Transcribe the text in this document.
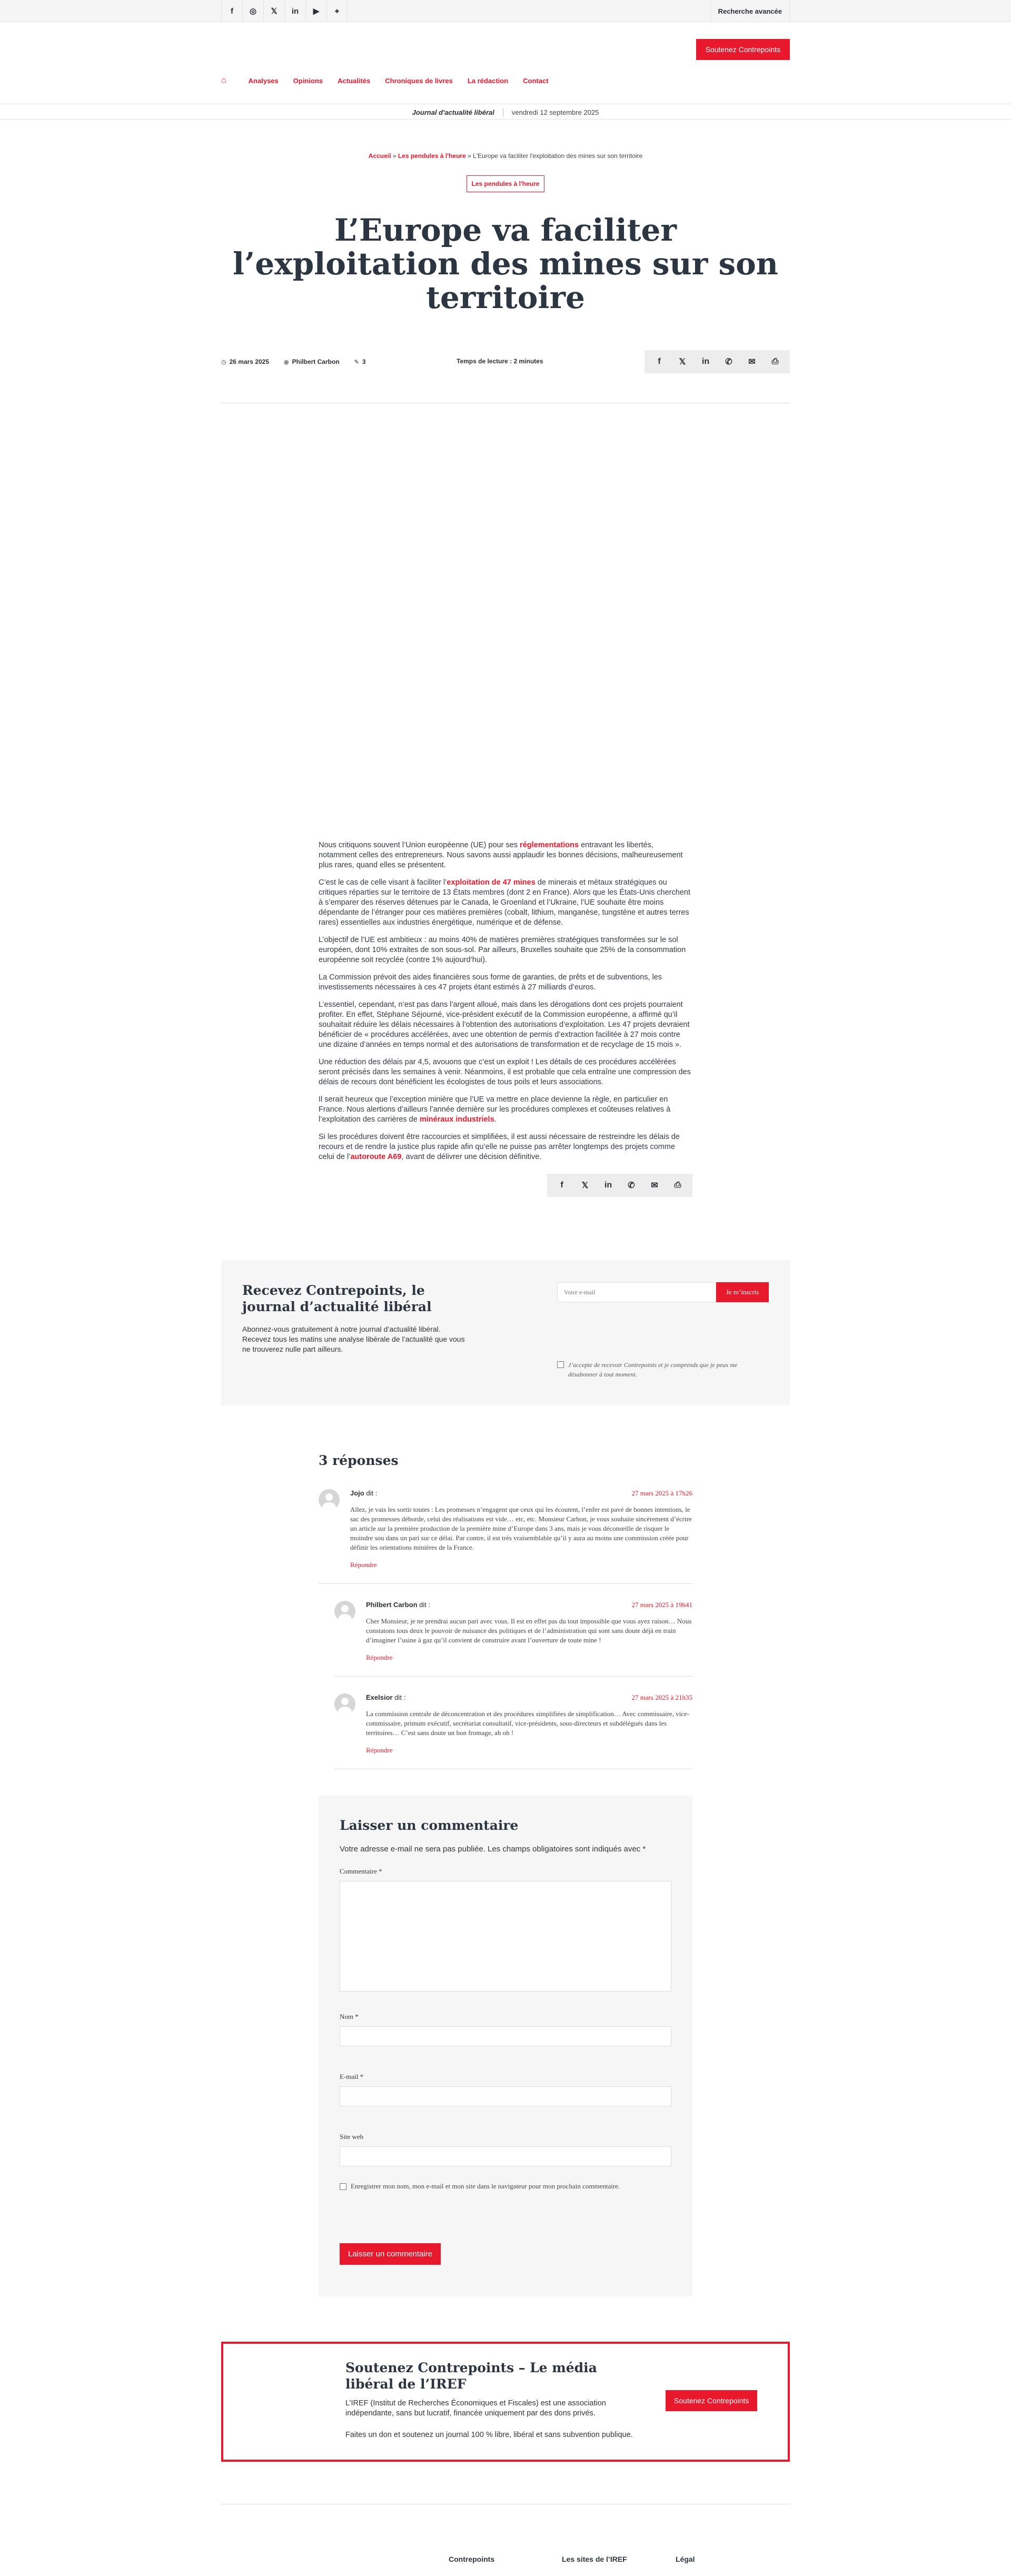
f	◎	𝕏	in	▶	⌖	Recherche avancée
Soutenez Contrepoints
⌂	Analyses Opinions Actualités Chroniques de livres La rédaction Contact
Journal d'actualité libéral	vendredi 12 septembre 2025
Accueil » Les pendules à l'heure » L'Europe va faciliter l'exploitation des mines sur son territoire
Les pendules à l'heure
L’Europe va faciliter l’exploitation des mines sur son territoire
◷ 26 mars 2025	◉ Philbert Carbon	✎ 3	Temps de lecture : 2 minutes	f	𝕏	in	✆	✉	⎙

Nous critiquons souvent l’Union européenne (UE) pour ses réglementations entravant les libertés, notamment celles des entrepreneurs. Nous savons aussi applaudir les bonnes décisions, malheureusement plus rares, quand elles se présentent.

C’est le cas de celle visant à faciliter l’exploitation de 47 mines de minerais et métaux stratégiques ou critiques réparties sur le territoire de 13 États membres (dont 2 en France). Alors que les États-Unis cherchent à s’emparer des réserves détenues par le Canada, le Groenland et l’Ukraine, l’UE souhaite être moins dépendante de l’étranger pour ces matières premières (cobalt, lithium, manganèse, tungstène et autres terres rares) essentielles aux industries énergétique, numérique et de défense.

L’objectif de l’UE est ambitieux : au moins 40% de matières premières stratégiques transformées sur le sol européen, dont 10% extraites de son sous-sol. Par ailleurs, Bruxelles souhaite que 25% de la consommation européenne soit recyclée (contre 1% aujourd’hui).

La Commission prévoit des aides financières sous forme de garanties, de prêts et de subventions, les investissements nécessaires à ces 47 projets étant estimés à 27 milliards d’euros.

L’essentiel, cependant, n’est pas dans l’argent alloué, mais dans les dérogations dont ces projets pourraient profiter. En effet, Stéphane Séjourné, vice-président exécutif de la Commission européenne, a affirmé qu’il souhaitait réduire les délais nécessaires à l’obtention des autorisations d’exploitation. Les 47 projets devraient bénéficier de « procédures accélérées, avec une obtention de permis d’extraction facilitée à 27 mois contre une dizaine d’années en temps normal et des autorisations de transformation et de recyclage de 15 mois ».

Une réduction des délais par 4,5, avouons que c’est un exploit ! Les détails de ces procédures accélérées seront précisés dans les semaines à venir. Néanmoins, il est probable que cela entraîne une compression des délais de recours dont bénéficient les écologistes de tous poils et leurs associations.

Il serait heureux que l’exception minière que l’UE va mettre en place devienne la règle, en particulier en France. Nous alertions d’ailleurs l’année dernière sur les procédures complexes et coûteuses relatives à l’exploitation des carrières de minéraux industriels.

Si les procédures doivent être raccourcies et simplifiées, il est aussi nécessaire de restreindre les délais de recours et de rendre la justice plus rapide afin qu’elle ne puisse pas arrêter longtemps des projets comme celui de l’autoroute A69, avant de délivrer une décision définitive.

f	𝕏	in	✆	✉	⎙
Recevez Contrepoints, le journal d’actualité libéral
Abonnez-vous gratuitement à notre journal d’actualité libéral. Recevez tous les matins une analyse libérale de l’actualité que vous ne trouverez nulle part ailleurs.
Votre e-mail
Je m’inscris
J’accepte de recevoir Contrepoints et je comprends que je peux me désabonner à tout moment.
3 réponses
Jojo dit :	27 mars 2025 à 17h26
Allez, je vais les sortir toutes : Les promesses n’engagent que ceux qui les écoutent, l’enfer est pavé de bonnes intentions, le sac des promesses déborde, celui des réalisations est vide… etc, etc. Monsieur Carbon, je vous souhaite sincèrement d’écrire un article sur la première production de la première mine d’Europe dans 3 ans, mais je vous déconseille de risquer le moindre sou dans un pari sur ce délai. Par contre, il est très vraisemblable qu’il y aura au moins une commission créée pour définir les orientations minières de la France.
Répondre
Philbert Carbon dit :	27 mars 2025 à 19h41
Cher Monsieur, je ne prendrai aucun pari avec vous. Il est en effet pas du tout impossible que vous ayez raison… Nous constatons tous deux le pouvoir de nuisance des politiques et de l’administration qui sont sans doute déjà en train d’imaginer l’usine à gaz qu’il convient de construire avant l’ouverture de toute mine !
Répondre
Exelsior dit :	27 mars 2025 à 21h35
La commission centrale de déconcentration et des procédures simplifiées de simplification… Avec commissaire, vice-commissaire, primum exécutif, secrétariat consultatif, vice-présidents, sous-directeurs et subdélégués dans les territoires… C’est sans doute un bon fromage, ah oh !
Répondre
Laisser un commentaire
Votre adresse e-mail ne sera pas publiée. Les champs obligatoires sont indiqués avec *
Commentaire *
Nom *
E-mail *
Site web
Enregistrer mon nom, mon e-mail et mon site dans le navigateur pour mon prochain commentaire.
Laisser un commentaire
Soutenez Contrepoints – Le média libéral de l’IREF
L’IREF (Institut de Recherches Économiques et Fiscales) est une association indépendante, sans but lucratif, financée uniquement par des dons privés.
Faites un don et soutenez un journal 100 % libre, libéral et sans subvention publique.
Soutenez Contrepoints
Contrepoints	Les sites de l’IREF	Légal
